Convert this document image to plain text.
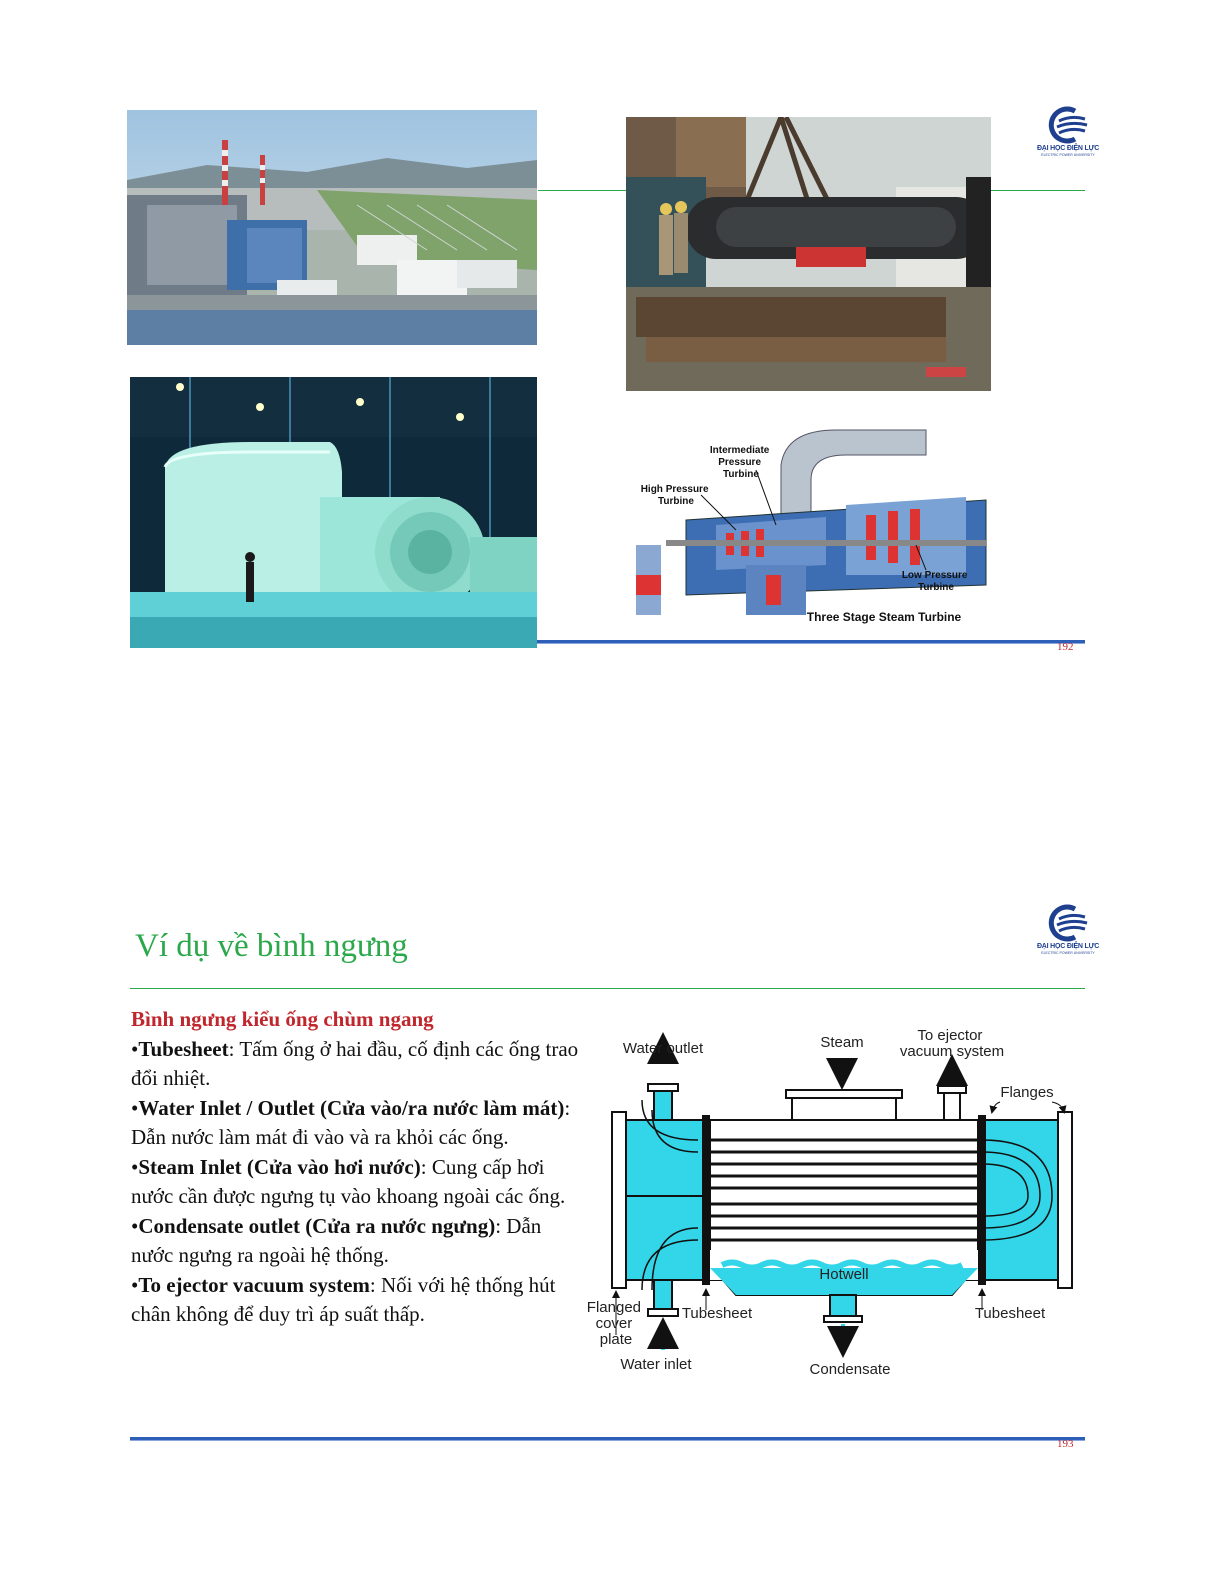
ĐẠI HỌC ĐIỆN LỰC
ELECTRIC POWER UNIVERSITY
Intermediate Pressure Turbine
High Pressure Turbine
Low Pressure Turbine
Three Stage Steam Turbine
192
ĐẠI HỌC ĐIỆN LỰC
ELECTRIC POWER UNIVERSITY
Ví dụ về bình ngưng
Bình ngưng kiểu ống chùm ngang
•Tubesheet: Tấm ống ở hai đầu, cố định các ống trao đổi nhiệt.
•Water Inlet / Outlet (Cửa vào/ra nước làm mát): Dẫn nước làm mát đi vào và ra khỏi các ống.
•Steam Inlet (Cửa vào hơi nước): Cung cấp hơi nước cần được ngưng tụ vào khoang ngoài các ống.
•Condensate outlet (Cửa ra nước ngưng): Dẫn nước ngưng ra ngoài hệ thống.
•To ejector vacuum system: Nối với hệ thống hút chân không để duy trì áp suất thấp.
Water outlet	Steam	To ejector vacuum system
Flanges
Hotwell
Flanged cover plate
Tubesheet	Tubesheet
Water inlet	Condensate
193
